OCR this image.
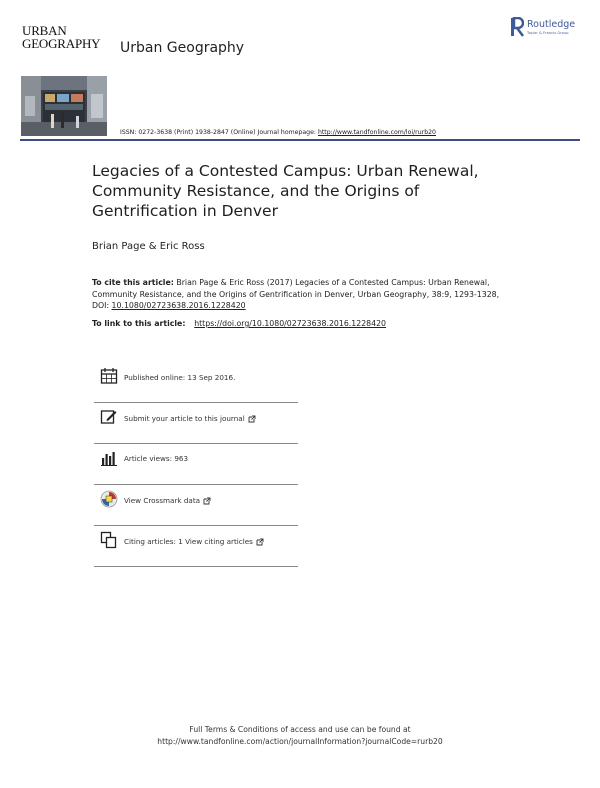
URBAN
GEOGRAPHY Urban Geography
Routledge
Taylor & Francis Group
ISSN: 0272-3638 (Print) 1938-2847 (Online) Journal homepage: http://www.tandfonline.com/loi/rurb20
Legacies of a Contested Campus: Urban Renewal, Community Resistance, and the Origins of Gentrification in Denver
Brian Page & Eric Ross
To cite this article: Brian Page & Eric Ross (2017) Legacies of a Contested Campus: Urban Renewal, Community Resistance, and the Origins of Gentrification in Denver, Urban Geography, 38:9, 1293-1328, DOI: 10.1080/02723638.2016.1228420
To link to this article: https://doi.org/10.1080/02723638.2016.1228420
Published online: 13 Sep 2016.
Submit your article to this journal
Article views: 963
View Crossmark data
Citing articles: 1 View citing articles
Full Terms & Conditions of access and use can be found at
http://www.tandfonline.com/action/journalInformation?journalCode=rurb20
